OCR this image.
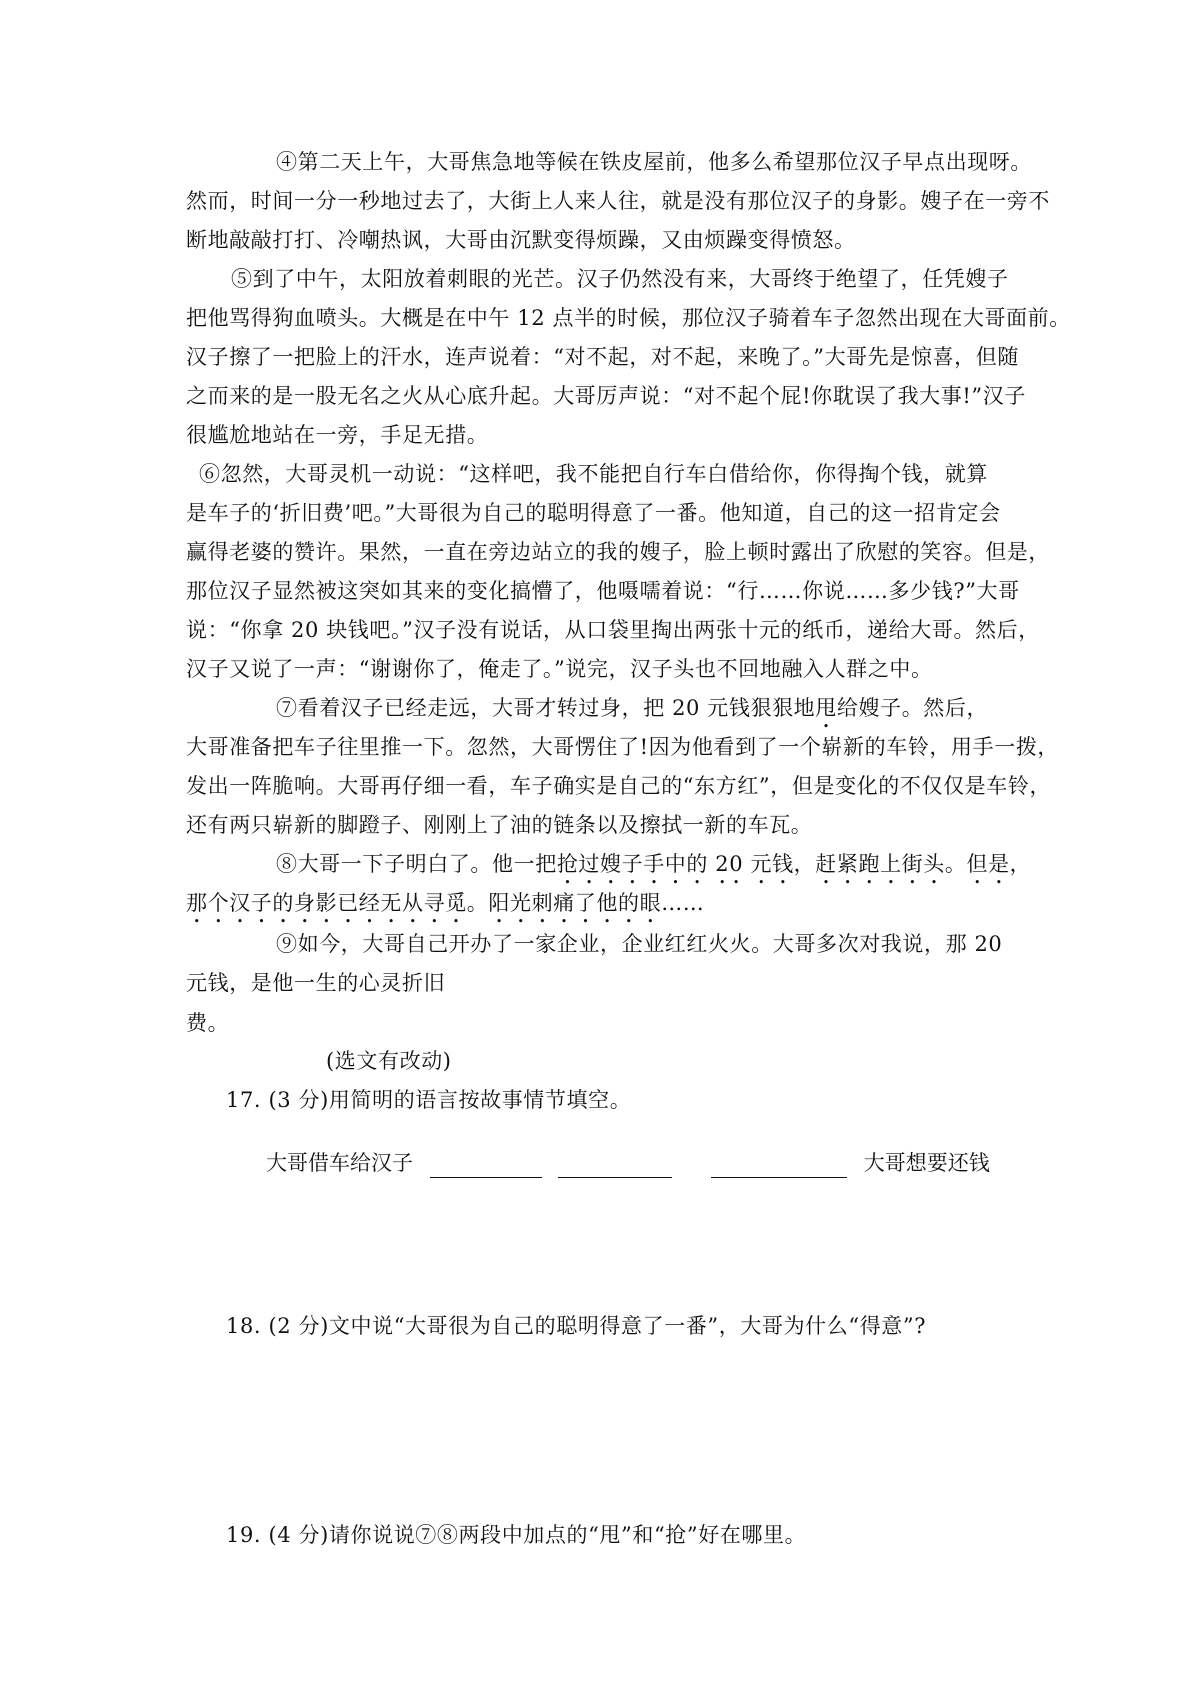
④第二天上午，大哥焦急地等候在铁皮屋前，他多么希望那位汉子早点出现呀。
然而，时间一分一秒地过去了，大街上人来人往，就是没有那位汉子的身影。嫂子在一旁不
断地敲敲打打、冷嘲热讽，大哥由沉默变得烦躁，又由烦躁变得愤怒。
⑤到了中午，太阳放着刺眼的光芒。汉子仍然没有来，大哥终于绝望了，任凭嫂子
把他骂得狗血喷头。大概是在中午 12 点半的时候，那位汉子骑着车子忽然出现在大哥面前。
汉子擦了一把脸上的汗水，连声说着：“对不起，对不起，来晚了。”大哥先是惊喜，但随
之而来的是一股无名之火从心底升起。大哥厉声说：“对不起个屁!你耽误了我大事!”汉子
很尴尬地站在一旁，手足无措。
⑥忽然，大哥灵机一动说：“这样吧，我不能把自行车白借给你，你得掏个钱，就算
是车子的‘折旧费’吧。”大哥很为自己的聪明得意了一番。他知道，自己的这一招肯定会
赢得老婆的赞许。果然，一直在旁边站立的我的嫂子，脸上顿时露出了欣慰的笑容。但是，
那位汉子显然被这突如其来的变化搞懵了，他嗫嚅着说：“行……你说……多少钱?”大哥
说：“你拿 20 块钱吧。”汉子没有说话，从口袋里掏出两张十元的纸币，递给大哥。然后，
汉子又说了一声：“谢谢你了，俺走了。”说完，汉子头也不回地融入人群之中。
⑦看着汉子已经走远，大哥才转过身，把 20 元钱狠狠地甩给嫂子。然后，
大哥准备把车子往里推一下。忽然，大哥愣住了!因为他看到了一个崭新的车铃，用手一拨，
发出一阵脆响。大哥再仔细一看，车子确实是自己的“东方红”，但是变化的不仅仅是车铃，
还有两只崭新的脚蹬子、刚刚上了油的链条以及擦拭一新的车瓦。
⑧大哥一下子明白了。他一把抢过嫂子手中的 20 元钱，赶紧跑上街头。但是，
那个汉子的身影已经无从寻觅。阳光刺痛了他的眼……
⑨如今，大哥自己开办了一家企业，企业红红火火。大哥多次对我说，那 20
元钱，是他一生的心灵折旧
费。
(选文有改动)
17. (3 分)用简明的语言按故事情节填空。
大哥借车给汉子	大哥想要还钱
18. (2 分)文中说“大哥很为自己的聪明得意了一番”，大哥为什么“得意”?
19. (4 分)请你说说⑦⑧两段中加点的“甩”和“抢”好在哪里。
